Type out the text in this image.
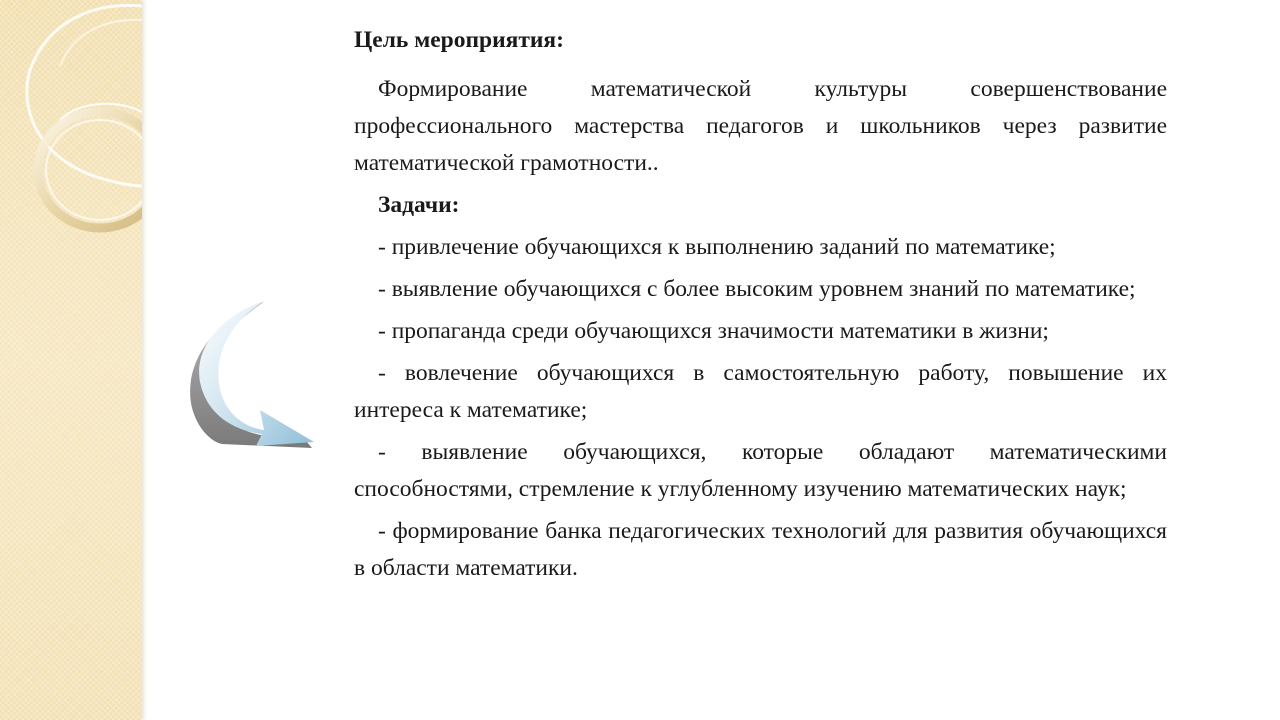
Цель мероприятия:
Формирование математической культуры совершенствование профессионального мастерства педагогов и школьников через развитие математической грамотности..
Задачи:
- привлечение обучающихся к выполнению заданий по математике;
- выявление обучающихся с более высоким уровнем знаний по математике;
- пропаганда среди обучающихся значимости математики в жизни;
- вовлечение обучающихся в самостоятельную работу, повышение их интереса к математике;
- выявление обучающихся, которые обладают математическими способностями, стремление к углубленному изучению математических наук;
- формирование банка педагогических технологий для развития обучающихся в области математики.
